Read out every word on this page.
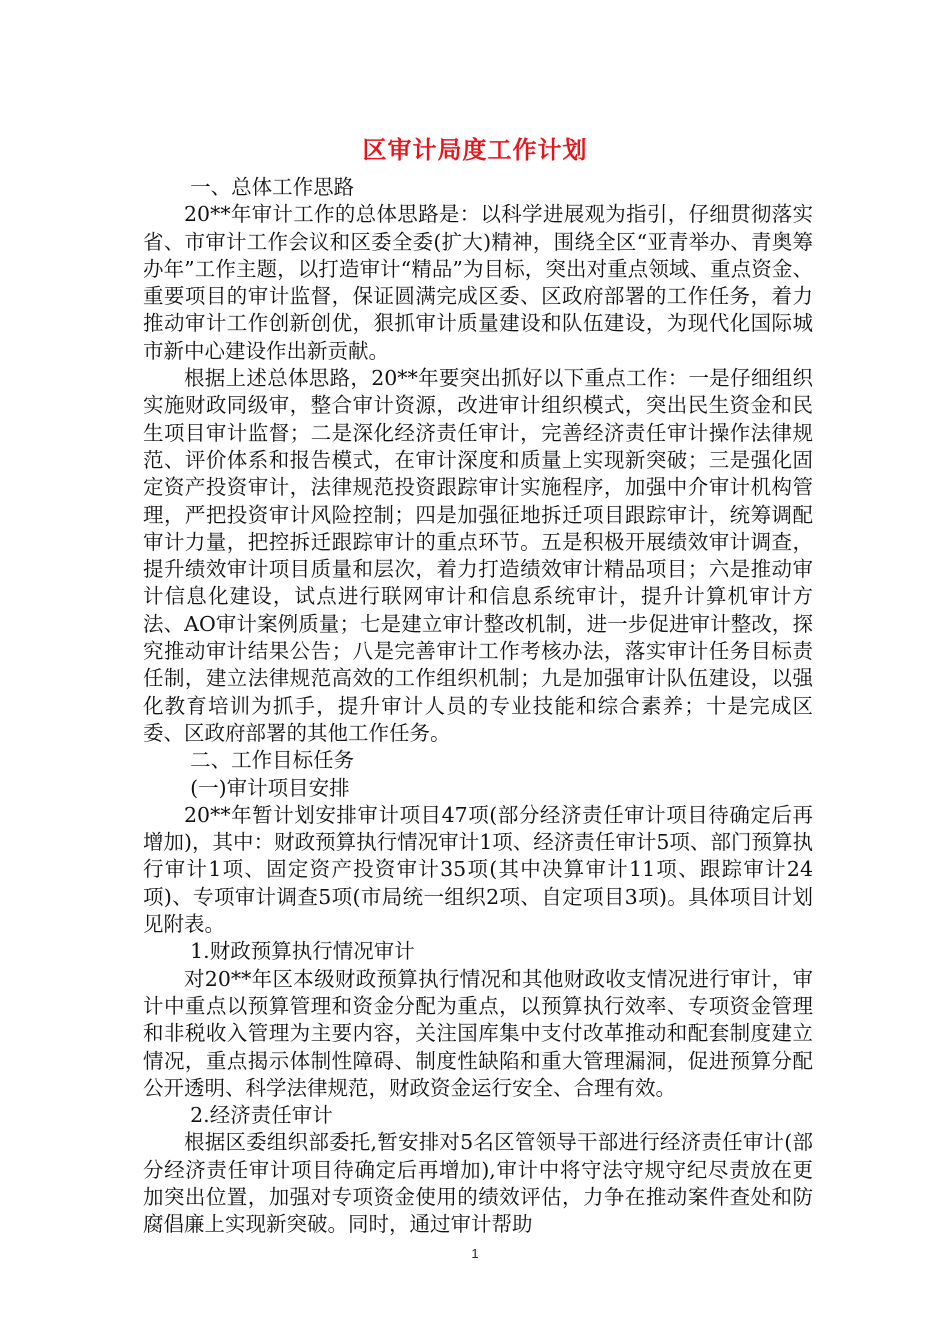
区审计局度工作计划

一、总体工作思路

20**年审计工作的总体思路是：以科学进展观为指引，仔细贯彻落实省、市审计工作会议和区委全委(扩大)精神，围绕全区“亚青举办、青奥筹办年”工作主题，以打造审计“精品”为目标，突出对重点领域、重点资金、重要项目的审计监督，保证圆满完成区委、区政府部署的工作任务，着力推动审计工作创新创优，狠抓审计质量建设和队伍建设，为现代化国际城市新中心建设作出新贡献。

根据上述总体思路，20**年要突出抓好以下重点工作：一是仔细组织实施财政同级审，整合审计资源，改进审计组织模式，突出民生资金和民生项目审计监督；二是深化经济责任审计，完善经济责任审计操作法律规范、评价体系和报告模式，在审计深度和质量上实现新突破；三是强化固定资产投资审计，法律规范投资跟踪审计实施程序，加强中介审计机构管理，严把投资审计风险控制；四是加强征地拆迁项目跟踪审计，统筹调配审计力量，把控拆迁跟踪审计的重点环节。五是积极开展绩效审计调查，提升绩效审计项目质量和层次，着力打造绩效审计精品项目；六是推动审计信息化建设，试点进行联网审计和信息系统审计，提升计算机审计方法、AO审计案例质量；七是建立审计整改机制，进一步促进审计整改，探究推动审计结果公告；八是完善审计工作考核办法，落实审计任务目标责任制，建立法律规范高效的工作组织机制；九是加强审计队伍建设，以强化教育培训为抓手，提升审计人员的专业技能和综合素养；十是完成区委、区政府部署的其他工作任务。

二、工作目标任务

(一)审计项目安排

20**年暂计划安排审计项目47项(部分经济责任审计项目待确定后再增加)，其中：财政预算执行情况审计1项、经济责任审计5项、部门预算执行审计1项、固定资产投资审计35项(其中决算审计11项、跟踪审计24项)、专项审计调查5项(市局统一组织2项、自定项目3项)。具体项目计划见附表。

1.财政预算执行情况审计

对20**年区本级财政预算执行情况和其他财政收支情况进行审计，审计中重点以预算管理和资金分配为重点，以预算执行效率、专项资金管理和非税收入管理为主要内容，关注国库集中支付改革推动和配套制度建立情况，重点揭示体制性障碍、制度性缺陷和重大管理漏洞，促进预算分配公开透明、科学法律规范，财政资金运行安全、合理有效。

2.经济责任审计

根据区委组织部委托,暂安排对5名区管领导干部进行经济责任审计(部分经济责任审计项目待确定后再增加),审计中将守法守规守纪尽责放在更加突出位置，加强对专项资金使用的绩效评估，力争在推动案件查处和防腐倡廉上实现新突破。同时，通过审计帮助

1
